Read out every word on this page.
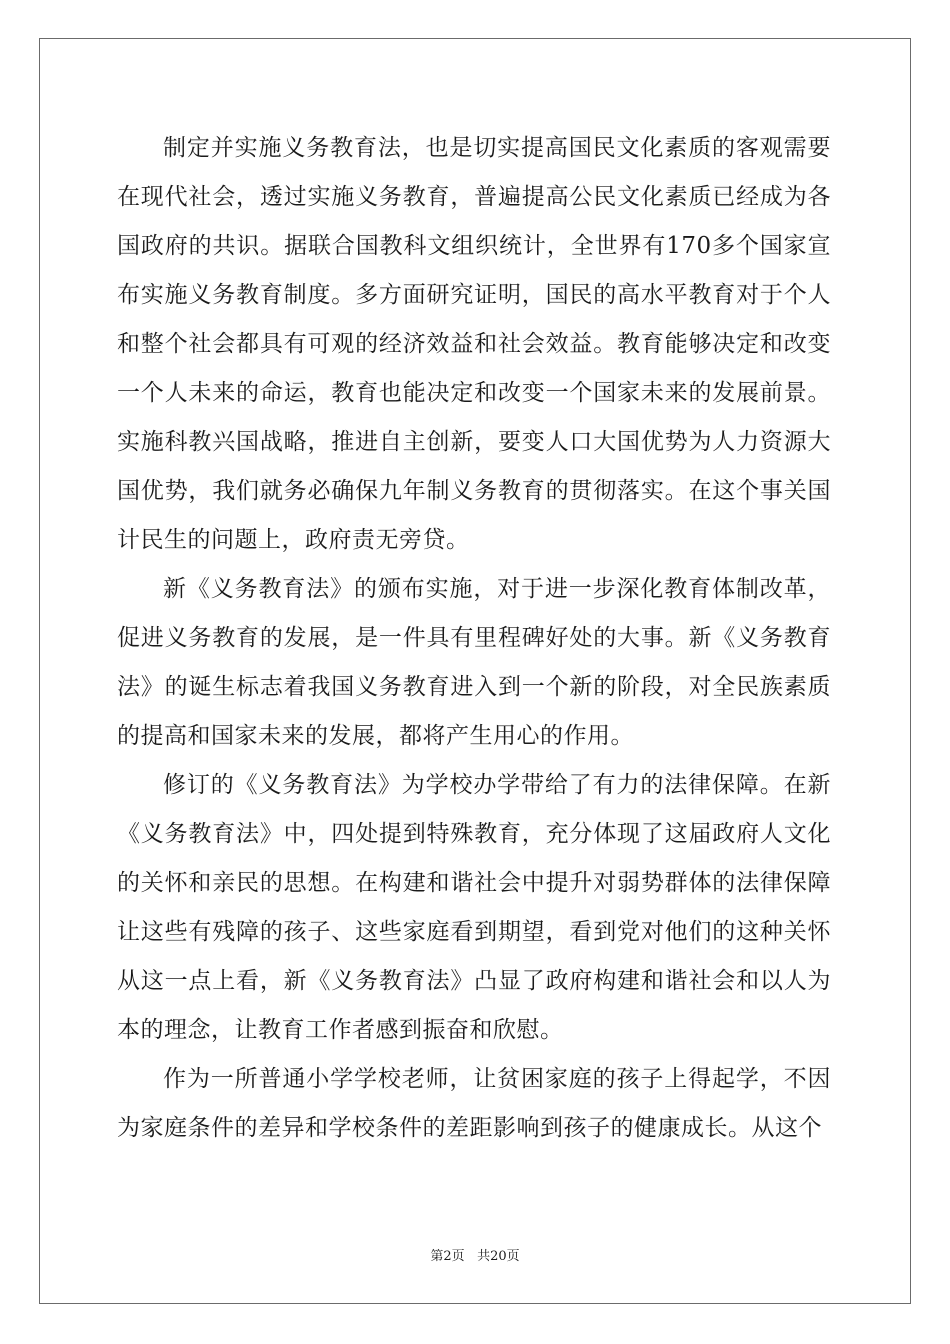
制定并实施义务教育法，也是切实提高国民文化素质的客观需要在现代社会，透过实施义务教育，普遍提高公民文化素质已经成为各国政府的共识。据联合国教科文组织统计，全世界有170多个国家宣布实施义务教育制度。多方面研究证明，国民的高水平教育对于个人和整个社会都具有可观的经济效益和社会效益。教育能够决定和改变一个人未来的命运，教育也能决定和改变一个国家未来的发展前景。实施科教兴国战略，推进自主创新，要变人口大国优势为人力资源大国优势，我们就务必确保九年制义务教育的贯彻落实。在这个事关国计民生的问题上，政府责无旁贷。

新《义务教育法》的颁布实施，对于进一步深化教育体制改革，促进义务教育的发展，是一件具有里程碑好处的大事。新《义务教育法》的诞生标志着我国义务教育进入到一个新的阶段，对全民族素质的提高和国家未来的发展，都将产生用心的作用。

修订的《义务教育法》为学校办学带给了有力的法律保障。在新《义务教育法》中，四处提到特殊教育，充分体现了这届政府人文化的关怀和亲民的思想。在构建和谐社会中提升对弱势群体的法律保障让这些有残障的孩子、这些家庭看到期望，看到党对他们的这种关怀从这一点上看，新《义务教育法》凸显了政府构建和谐社会和以人为本的理念，让教育工作者感到振奋和欣慰。

作为一所普通小学学校老师，让贫困家庭的孩子上得起学，不因为家庭条件的差异和学校条件的差距影响到孩子的健康成长。从这个

第2页 共20页
